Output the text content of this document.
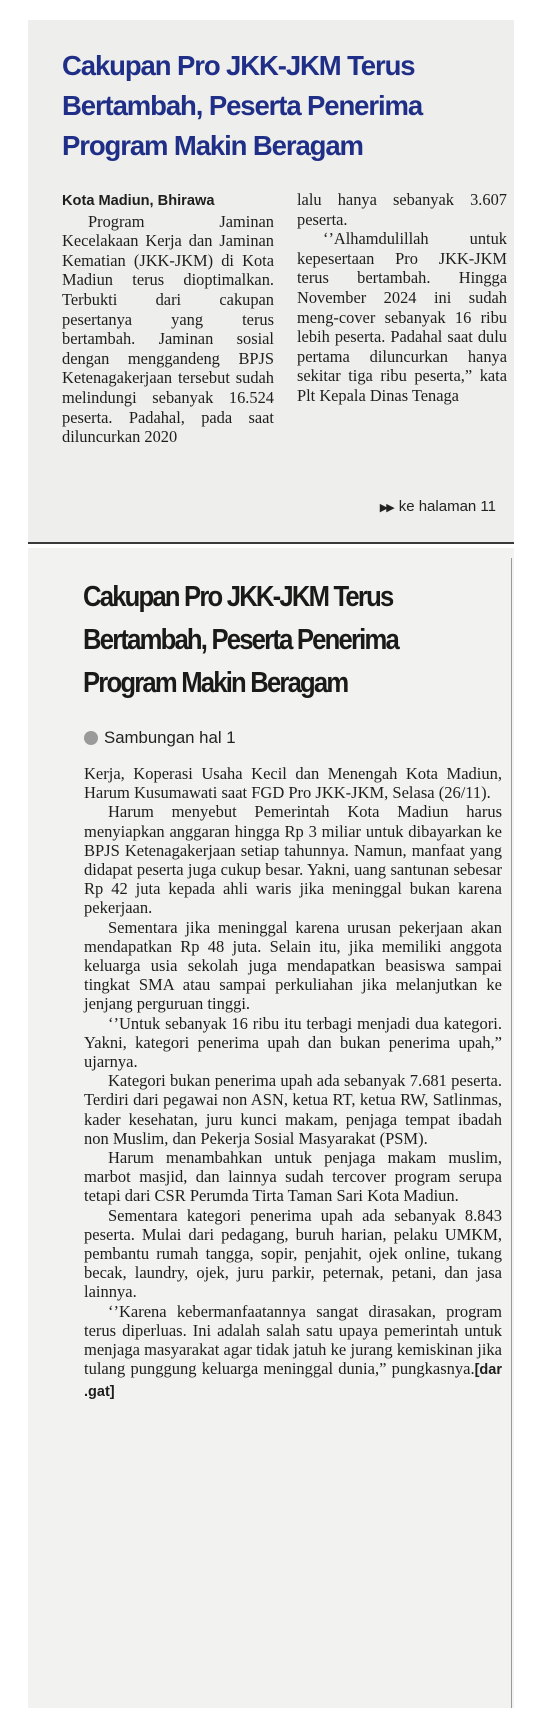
Cakupan Pro JKK-JKM Terus Bertambah, Peserta Penerima Program Makin Beragam

Kota Madiun, Bhirawa

Program Jaminan Kecelakaan Kerja dan Jaminan Kematian (JKK-JKM) di Kota Madiun terus dioptimalkan. Terbukti dari cakupan pesertanya yang terus bertambah. Jaminan sosial dengan menggandeng BPJS Ketenagakerjaan tersebut sudah melindungi sebanyak 16.524 peserta. Padahal, pada saat diluncurkan 2020

lalu hanya sebanyak 3.607 peserta.

‘’Alhamdulillah untuk kepesertaan Pro JKK-JKM terus bertambah. Hingga November 2024 ini sudah meng-cover sebanyak 16 ribu lebih peserta. Padahal saat dulu pertama diluncurkan hanya sekitar tiga ribu peserta,” kata Plt Kepala Dinas Tenaga

▶▶ ke halaman 11
Cakupan Pro JKK-JKM Terus Bertambah, Peserta Penerima Program Makin Beragam
Sambungan hal 1

Kerja, Koperasi Usaha Kecil dan Menengah Kota Madiun, Harum Kusumawati saat FGD Pro JKK-JKM, Selasa (26/11).

Harum menyebut Pemerintah Kota Madiun harus menyiapkan anggaran hingga Rp 3 miliar untuk dibayarkan ke BPJS Ketenagakerjaan setiap tahunnya. Namun, manfaat yang didapat peserta juga cukup besar. Yakni, uang santunan sebesar Rp 42 juta kepada ahli waris jika meninggal bukan karena pekerjaan.

Sementara jika meninggal karena urusan pekerjaan akan mendapatkan Rp 48 juta. Selain itu, jika memiliki anggota keluarga usia sekolah juga mendapatkan beasiswa sampai tingkat SMA atau sampai perkuliahan jika melanjutkan ke jenjang perguruan tinggi.

‘’Untuk sebanyak 16 ribu itu terbagi menjadi dua kategori. Yakni, kategori penerima upah dan bukan penerima upah,” ujarnya.

Kategori bukan penerima upah ada sebanyak 7.681 peserta. Terdiri dari pegawai non ASN, ketua RT, ketua RW, Satlinmas, kader kesehatan, juru kunci makam, penjaga tempat ibadah non Muslim, dan Pekerja Sosial Masyarakat (PSM).

Harum menambahkan untuk penjaga makam muslim, marbot masjid, dan lainnya sudah tercover program serupa tetapi dari CSR Perumda Tirta Taman Sari Kota Madiun.

Sementara kategori penerima upah ada sebanyak 8.843 peserta. Mulai dari pedagang, buruh harian, pelaku UMKM, pembantu rumah tangga, sopir, penjahit, ojek online, tukang becak, laundry, ojek, juru parkir, peternak, petani, dan jasa lainnya.

‘’Karena kebermanfaatannya sangat dirasakan, program terus diperluas. Ini adalah salah satu upaya pemerintah untuk menjaga masyarakat agar tidak jatuh ke jurang kemiskinan jika tulang punggung keluarga meninggal dunia,” pungkasnya.[dar .gat]
